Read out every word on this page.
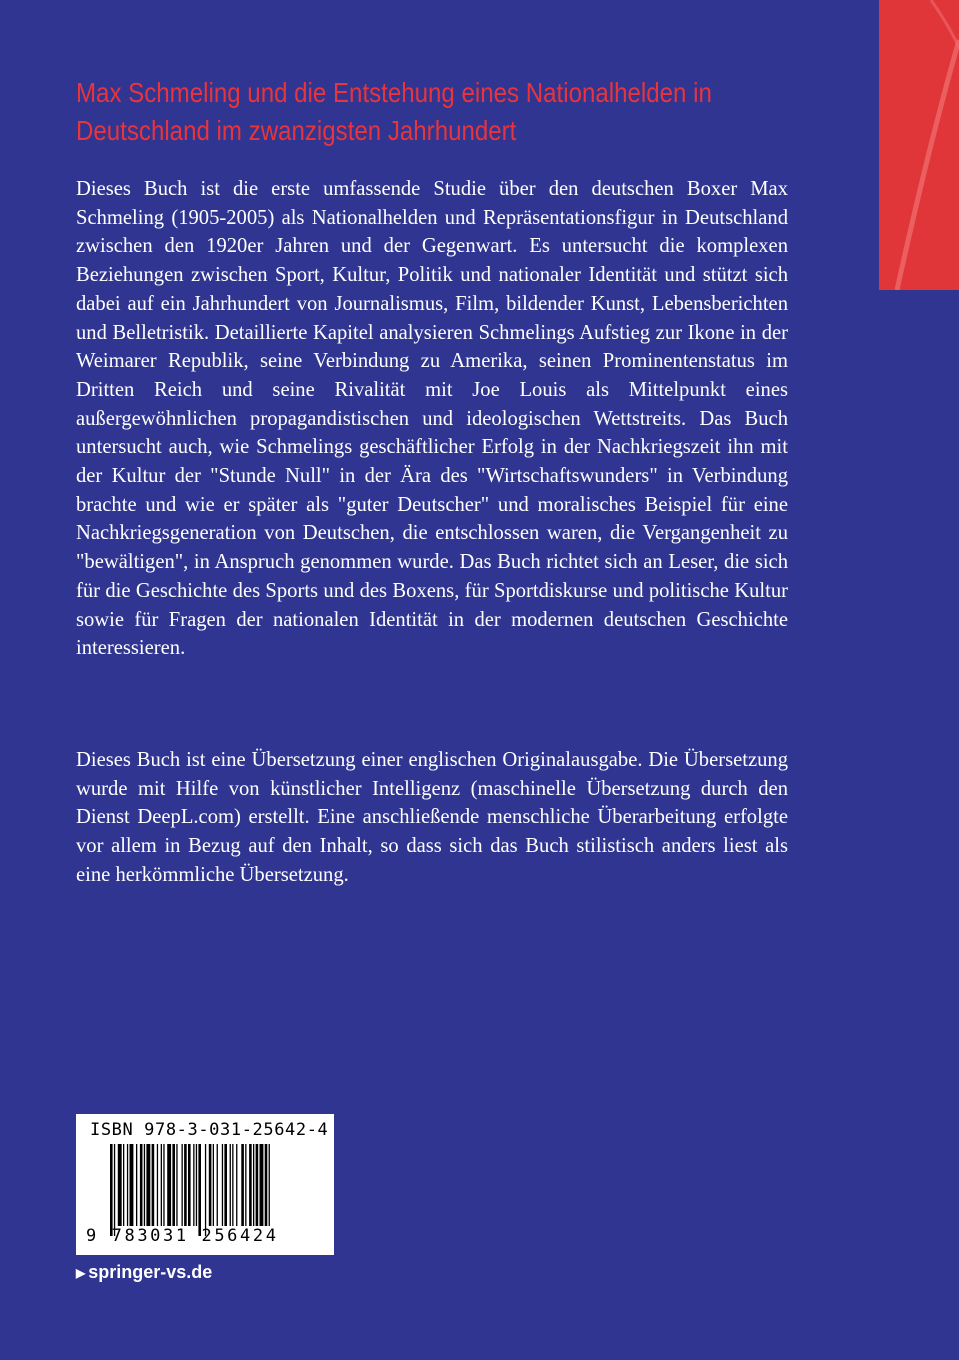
Max Schmeling und die Entstehung eines Nationalhelden in Deutschland im zwanzigsten Jahrhundert

Dieses Buch ist die erste umfassende Studie über den deutschen Boxer Max Schmeling (1905-2005) als Nationalhelden und Repräsentationsfigur in Deutschland zwischen den 1920er Jahren und der Gegenwart. Es untersucht die komplexen Beziehungen zwischen Sport, Kultur, Politik und nationaler Identität und stützt sich dabei auf ein Jahrhundert von Journalismus, Film, bildender Kunst, Lebensberichten und Belletristik. Detaillierte Kapitel analysieren Schmelings Aufstieg zur Ikone in der Weimarer Republik, seine Verbindung zu Amerika, seinen Prominentenstatus im Dritten Reich und seine Rivalität mit Joe Louis als Mittelpunkt eines außergewöhnlichen propagandistischen und ideologischen Wettstreits. Das Buch untersucht auch, wie Schmelings geschäftlicher Erfolg in der Nachkriegszeit ihn mit der Kultur der "Stunde Null" in der Ära des "Wirtschaftswunders" in Verbindung brachte und wie er später als "guter Deutscher" und moralisches Beispiel für eine Nachkriegsgeneration von Deutschen, die entschlossen waren, die Vergangenheit zu "bewältigen", in Anspruch genommen wurde. Das Buch richtet sich an Leser, die sich für die Geschichte des Sports und des Boxens, für Sportdiskurse und politische Kultur sowie für Fragen der nationalen Identität in der modernen deutschen Geschichte interessieren.

Dieses Buch ist eine Übersetzung einer englischen Originalausgabe. Die Übersetzung wurde mit Hilfe von künstlicher Intelligenz (maschinelle Übersetzung durch den Dienst DeepL.com) erstellt. Eine anschließende menschliche Überarbeitung erfolgte vor allem in Bezug auf den Inhalt, so dass sich das Buch stilistisch anders liest als eine herkömmliche Übersetzung.

ISBN 978-3-031-25642-4
9 783031 256424
▶ springer-vs.de
